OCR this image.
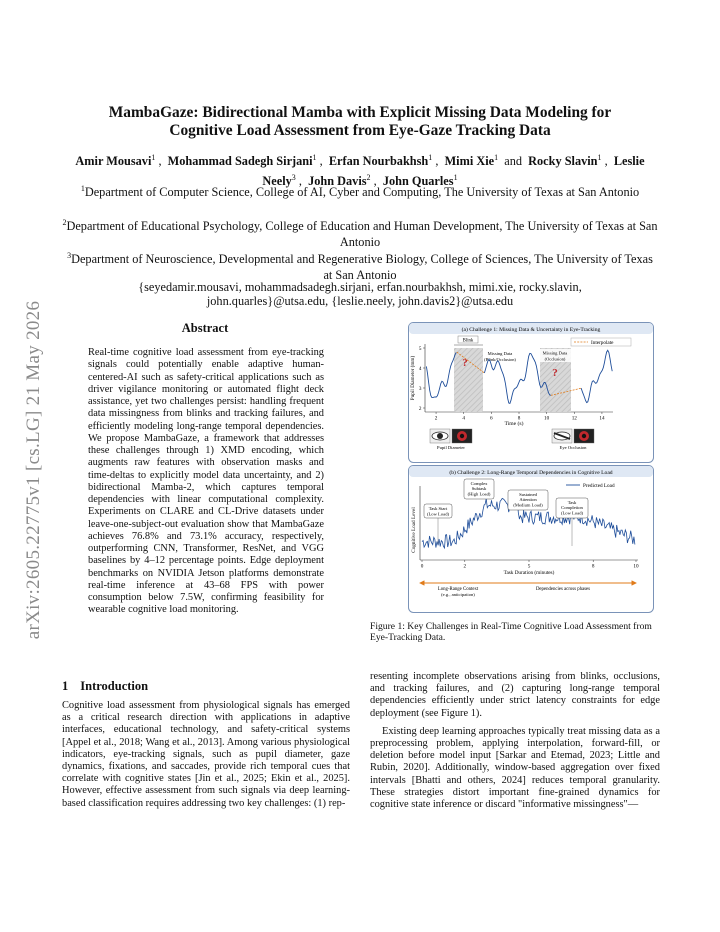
arXiv:2605.22775v1 [cs.LG] 21 May 2026
MambaGaze: Bidirectional Mamba with Explicit Missing Data Modeling for
Cognitive Load Assessment from Eye-Gaze Tracking Data
Amir Mousavi$^1$ ,  Mohammad Sadegh Sirjani$^1$ ,  Erfan Nourbakhsh$^1$ ,  Mimi Xie$^1$ and Rocky Slavin$^1$ ,  Leslie Neely$^3$ ,  John Davis$^2$ ,  John Quarles$^1$
$^1$Department of Computer Science, College of AI, Cyber and Computing, The University of Texas at San Antonio
$^2$Department of Educational Psychology, College of Education and Human Development, The University of Texas at San Antonio
$^3$Department of Neuroscience, Developmental and Regenerative Biology, College of Sciences, The University of Texas at San Antonio
{seyedamir.mousavi, mohammadsadegh.sirjani, erfan.nourbakhsh, mimi.xie, rocky.slavin,
john.quarles}@utsa.edu, {leslie.neely, john.davis2}@utsa.edu
Abstract
Real-time cognitive load assessment from eye-tracking signals could potentially enable adaptive human-centered-AI such as safety-critical applications such as driver vigilance monitoring or automated flight deck assistance, yet two challenges persist: handling frequent data missingness from blinks and tracking failures, and efficiently modeling long-range temporal dependencies. We propose MambaGaze, a framework that addresses these challenges through 1) XMD encoding, which augments raw features with observation masks and time-deltas to explicitly model data uncertainty, and 2) bidirectional Mamba-2, which captures temporal dependencies with linear computational complexity. Experiments on CLARE and CL-Drive datasets under leave-one-subject-out evaluation show that MambaGaze achieves 76.8% and 73.1% accuracy, respectively, outperforming CNN, Transformer, ResNet, and VGG baselines by 4–12 percentage points. Edge deployment benchmarks on NVIDIA Jetson platforms demonstrate real-time inference at 43–68 FPS with power consumption below 7.5W, confirming feasibility for wearable cognitive load monitoring.
(a) Challenge 1: Missing Data & Uncertainty in Eye-Tracking
Interpolate
Pupil Diameter (mm)
2
3
4
5
2	4	6	8	10	12	14
Time (s)
Blink
?
Missing Data
(Blink/Occlusion)
Missing Data
(Occlusion)
?
Pupil Diameter	Eye Occlusion
(b) Challenge 2: Long-Range Temporal Dependencies in Cognitive Load
Predicted Load
Cognitive Load Level
0	2	5	8	10
Task Duration (minutes)
Task Start
(Low Load)
Complex
Subtask
(High Load)	Sustained
Attention
(Medium Load)	Task
Completion
(Low Load)
Long-Range Context
(e.g., anticipation)
Dependencies across phases
Figure 1: Key Challenges in Real-Time Cognitive Load Assessment from Eye-Tracking Data.
1 Introduction

Cognitive load assessment from physiological signals has emerged as a critical research direction with applications in adaptive interfaces, educational technology, and safety-critical systems [Appel et al., 2018; Wang et al., 2013]. Among various physiological indicators, eye-tracking signals, such as pupil diameter, gaze dynamics, fixations, and saccades, provide rich temporal cues that correlate with cognitive states [Jin et al., 2025; Ekin et al., 2025]. However, effective assessment from such signals via deep learning-based classification requires addressing two key challenges: (1) rep-

resenting incomplete observations arising from blinks, occlusions, and tracking failures, and (2) capturing long-range temporal dependencies efficiently under strict latency constraints for edge deployment (see Figure 1).

Existing deep learning approaches typically treat missing data as a preprocessing problem, applying interpolation, forward-fill, or deletion before model input [Sarkar and Etemad, 2023; Little and Rubin, 2020]. Additionally, window-based aggregation over fixed intervals [Bhatti and others, 2024] reduces temporal granularity. These strategies distort important fine-grained dynamics for cognitive state inference or discard "informative missingness"—
